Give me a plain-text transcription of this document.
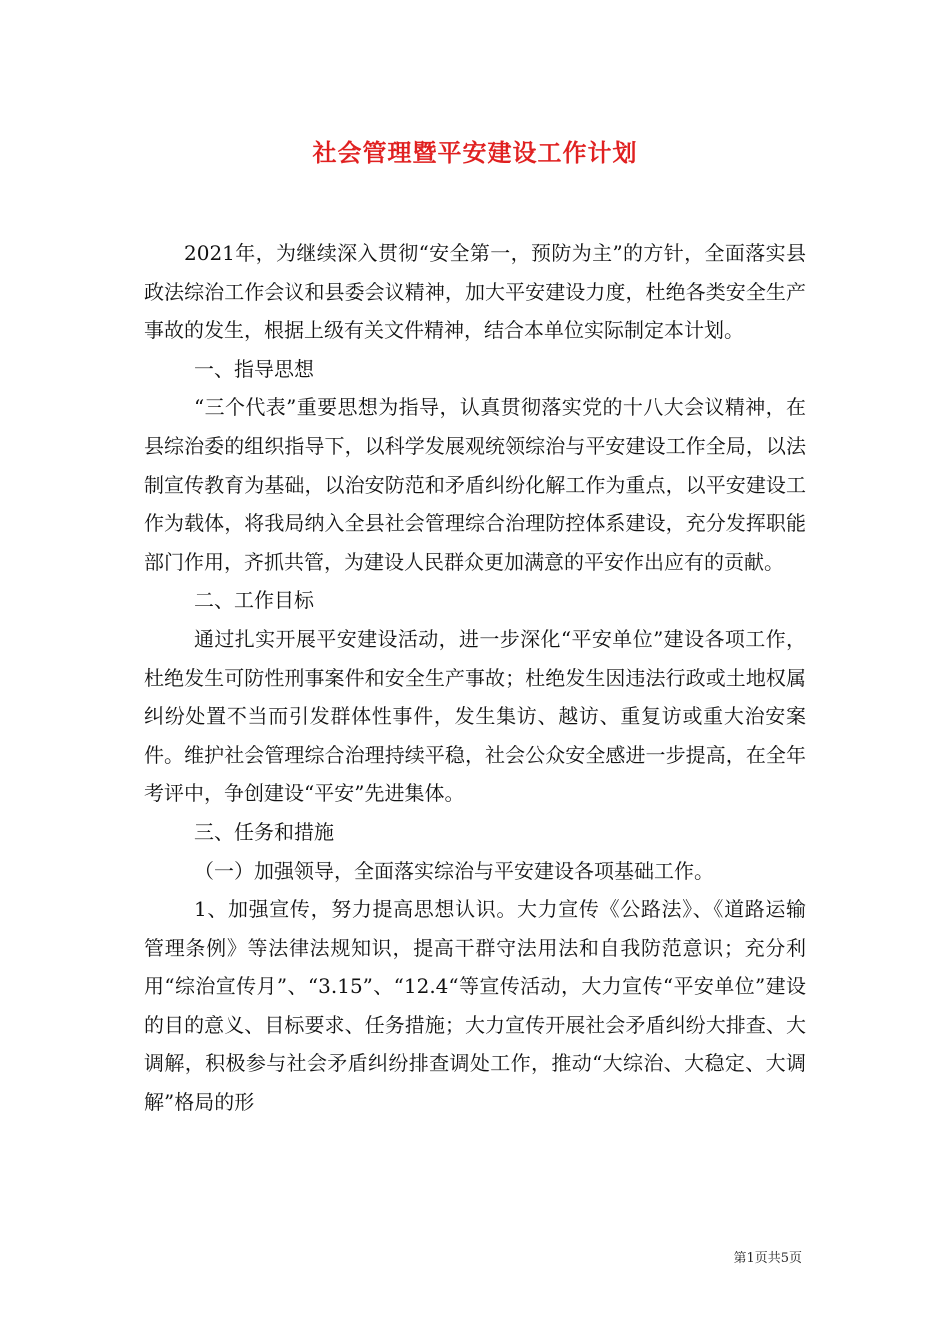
社会管理暨平安建设工作计划

2021年，为继续深入贯彻“安全第一，预防为主”的方针，全面落实县政法综治工作会议和县委会议精神，加大平安建设力度，杜绝各类安全生产事故的发生，根据上级有关文件精神，结合本单位实际制定本计划。

一、指导思想

“三个代表”重要思想为指导，认真贯彻落实党的十八大会议精神，在县综治委的组织指导下，以科学发展观统领综治与平安建设工作全局，以法制宣传教育为基础，以治安防范和矛盾纠纷化解工作为重点，以平安建设工作为载体，将我局纳入全县社会管理综合治理防控体系建设，充分发挥职能部门作用，齐抓共管，为建设人民群众更加满意的平安作出应有的贡献。

二、工作目标

通过扎实开展平安建设活动，进一步深化“平安单位”建设各项工作，杜绝发生可防性刑事案件和安全生产事故；杜绝发生因违法行政或土地权属纠纷处置不当而引发群体性事件，发生集访、越访、重复访或重大治安案件。维护社会管理综合治理持续平稳，社会公众安全感进一步提高，在全年考评中，争创建设“平安”先进集体。

三、任务和措施

（一）加强领导，全面落实综治与平安建设各项基础工作。

1、加强宣传，努力提高思想认识。大力宣传《公路法》、《道路运输管理条例》等法律法规知识，提高干群守法用法和自我防范意识；充分利用“综治宣传月”、“3.15”、“12.4“等宣传活动，大力宣传“平安单位”建设的目的意义、目标要求、任务措施；大力宣传开展社会矛盾纠纷大排查、大调解，积极参与社会矛盾纠纷排查调处工作，推动“大综治、大稳定、大调解”格局的形

第1页共5页
